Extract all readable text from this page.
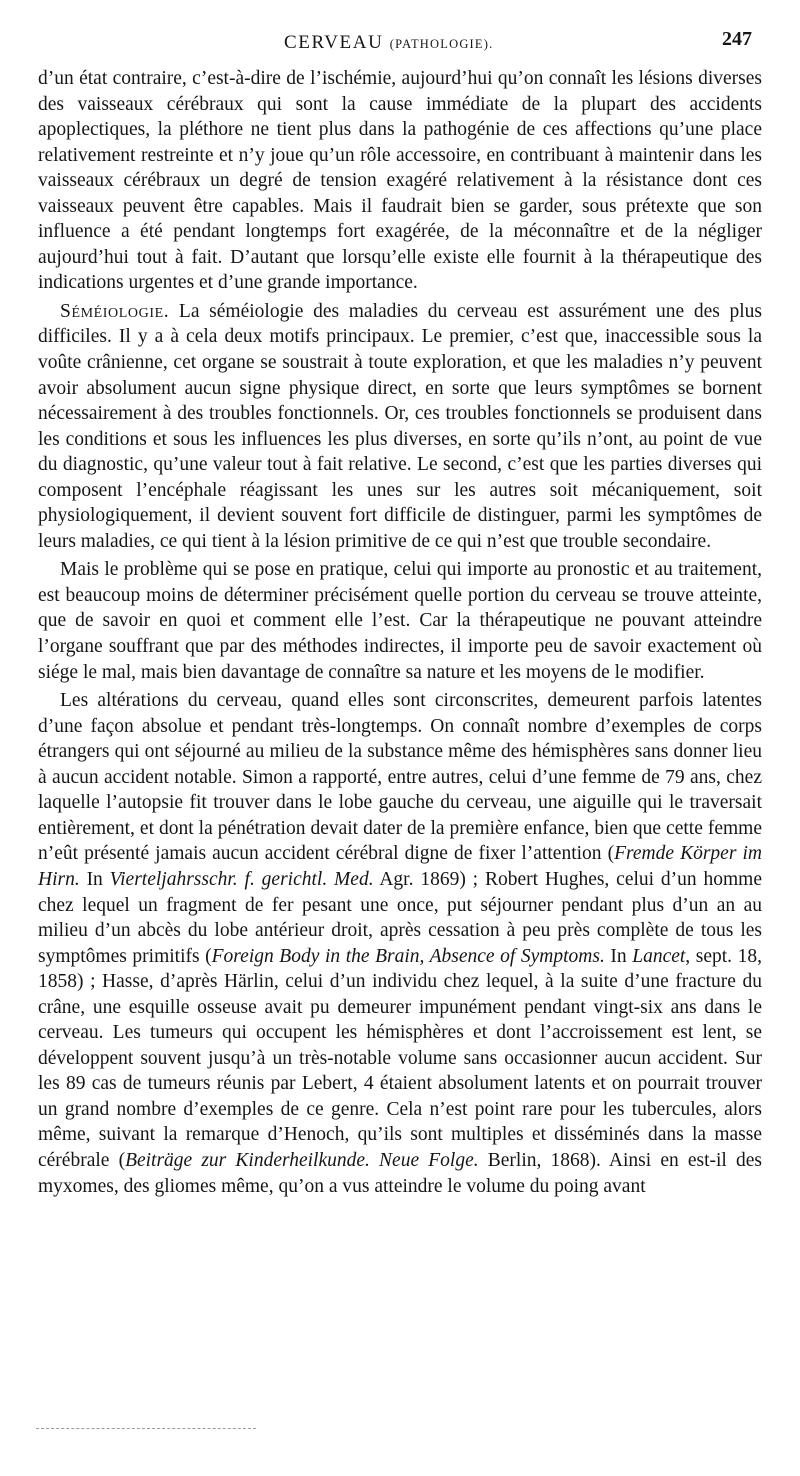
CERVEAU (PATHOLOGIE).	247

d’un état contraire, c’est-à-dire de l’ischémie, aujourd’hui qu’on connaît les lésions diverses des vaisseaux cérébraux qui sont la cause immédiate de la plupart des accidents apoplectiques, la pléthore ne tient plus dans la pathogénie de ces affections qu’une place relativement restreinte et n’y joue qu’un rôle accessoire, en contribuant à maintenir dans les vaisseaux cérébraux un degré de tension exagéré relativement à la résistance dont ces vaisseaux peuvent être capables. Mais il faudrait bien se garder, sous prétexte que son influence a été pendant longtemps fort exagérée, de la méconnaître et de la négliger aujourd’hui tout à fait. D’autant que lorsqu’elle existe elle fournit à la thérapeutique des indications urgentes et d’une grande importance.

Séméiologie. La séméiologie des maladies du cerveau est assurément une des plus difficiles. Il y a à cela deux motifs principaux. Le premier, c’est que, inaccessible sous la voûte crânienne, cet organe se soustrait à toute exploration, et que les maladies n’y peuvent avoir absolument aucun signe physique direct, en sorte que leurs symptômes se bornent nécessairement à des troubles fonctionnels. Or, ces troubles fonctionnels se produisent dans les conditions et sous les influences les plus diverses, en sorte qu’ils n’ont, au point de vue du diagnostic, qu’une valeur tout à fait relative. Le second, c’est que les parties diverses qui composent l’encéphale réagissant les unes sur les autres soit mécaniquement, soit physiologiquement, il devient souvent fort difficile de distinguer, parmi les symptômes de leurs maladies, ce qui tient à la lésion primitive de ce qui n’est que trouble secondaire.

Mais le problème qui se pose en pratique, celui qui importe au pronostic et au traitement, est beaucoup moins de déterminer précisément quelle portion du cerveau se trouve atteinte, que de savoir en quoi et comment elle l’est. Car la thérapeutique ne pouvant atteindre l’organe souffrant que par des méthodes indirectes, il importe peu de savoir exactement où siége le mal, mais bien davantage de connaître sa nature et les moyens de le modifier.

Les altérations du cerveau, quand elles sont circonscrites, demeurent parfois latentes d’une façon absolue et pendant très-longtemps. On connaît nombre d’exemples de corps étrangers qui ont séjourné au milieu de la substance même des hémisphères sans donner lieu à aucun accident notable. Simon a rapporté, entre autres, celui d’une femme de 79 ans, chez laquelle l’autopsie fit trouver dans le lobe gauche du cerveau, une aiguille qui le traversait entièrement, et dont la pénétration devait dater de la première enfance, bien que cette femme n’eût présenté jamais aucun accident cérébral digne de fixer l’attention (Fremde Körper im Hirn. In Vierteljahrsschr. f. gerichtl. Med. Agr. 1869) ; Robert Hughes, celui d’un homme chez lequel un fragment de fer pesant une once, put séjourner pendant plus d’un an au milieu d’un abcès du lobe antérieur droit, après cessation à peu près complète de tous les symptômes primitifs (Foreign Body in the Brain, Absence of Symptoms. In Lancet, sept. 18, 1858) ; Hasse, d’après Härlin, celui d’un individu chez lequel, à la suite d’une fracture du crâne, une esquille osseuse avait pu demeurer impunément pendant vingt-six ans dans le cerveau. Les tumeurs qui occupent les hémisphères et dont l’accroissement est lent, se développent souvent jusqu’à un très-notable volume sans occasionner aucun accident. Sur les 89 cas de tumeurs réunis par Lebert, 4 étaient absolument latents et on pourrait trouver un grand nombre d’exemples de ce genre. Cela n’est point rare pour les tubercules, alors même, suivant la remarque d’Henoch, qu’ils sont multiples et disséminés dans la masse cérébrale (Beiträge zur Kinderheilkunde. Neue Folge. Berlin, 1868). Ainsi en est-il des myxomes, des gliomes même, qu’on a vus atteindre le volume du poing avant
